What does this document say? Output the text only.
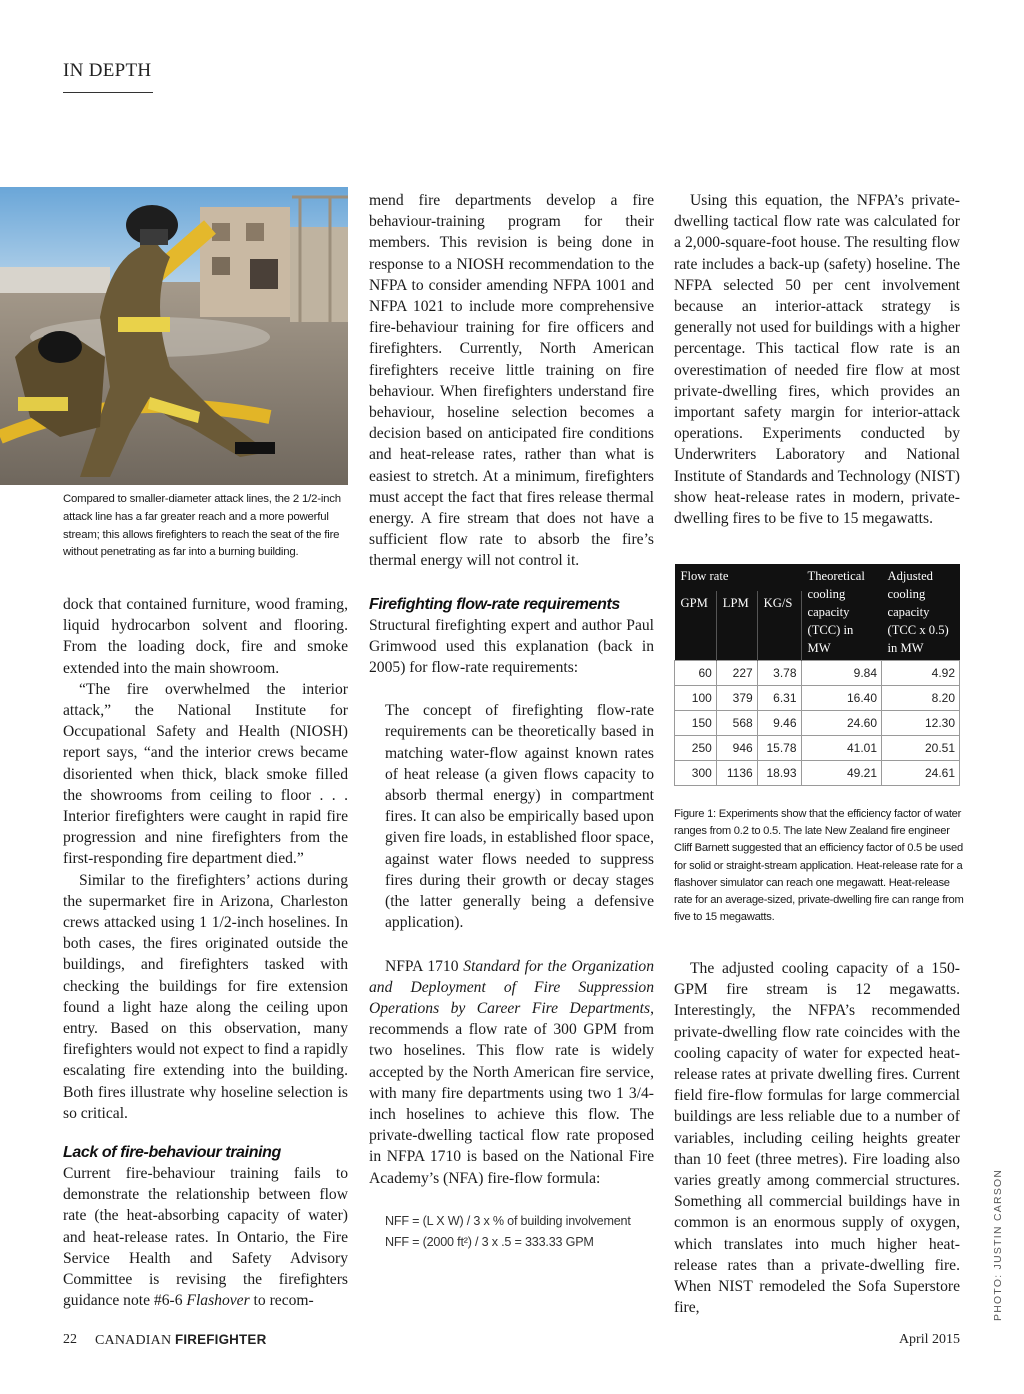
IN DEPTH
Compared to smaller-diameter attack lines, the 2 1/2-inch attack line has a far greater reach and a more powerful stream; this allows firefighters to reach the seat of the fire without penetrating as far into a burning building.

dock that contained furniture, wood framing, liquid hydrocarbon solvent and flooring. From the loading dock, fire and smoke extended into the main showroom.

“The fire overwhelmed the interior attack,” the National Institute for Occupational Safety and Health (NIOSH) report says, “and the interior crews became disoriented when thick, black smoke filled the showrooms from ceiling to floor . . . Interior firefighters were caught in rapid fire progression and nine firefighters from the first-responding fire department died.”

Similar to the firefighters’ actions during the supermarket fire in Arizona, Charleston crews attacked using 1 1/2-inch hoselines. In both cases, the fires originated outside the buildings, and firefighters tasked with checking the buildings for fire extension found a light haze along the ceiling upon entry. Based on this observation, many firefighters would not expect to find a rapidly escalating fire extending into the building. Both fires illustrate why hoseline selection is so critical.

Lack of fire-behaviour training

Current fire-behaviour training fails to demonstrate the relationship between flow rate (the heat-absorbing capacity of water) and heat-release rates. In Ontario, the Fire Service Health and Safety Advisory Committee is revising the firefighters guidance note #6-6 Flashover to recom-

mend fire departments develop a fire behaviour-training program for their members. This revision is being done in response to a NIOSH recommendation to the NFPA to consider amending NFPA 1001 and NFPA 1021 to include more comprehensive fire-behaviour training for fire officers and firefighters. Currently, North American firefighters receive little training on fire behaviour. When firefighters understand fire behaviour, hoseline selection becomes a decision based on anticipated fire conditions and heat-release rates, rather than what is easiest to stretch. At a minimum, firefighters must accept the fact that fires release thermal energy. A fire stream that does not have a sufficient flow rate to absorb the fire’s thermal energy will not control it.

Firefighting flow-rate requirements

Structural firefighting expert and author Paul Grimwood used this explanation (back in 2005) for flow-rate requirements:

The concept of firefighting flow-rate requirements can be theoretically based in matching water-flow against known rates of heat release (a given flows capacity to absorb thermal energy) in compartment fires. It can also be empirically based upon given fire loads, in established floor space, against water flows needed to suppress fires during their growth or decay stages (the latter generally being a defensive application).

NFPA 1710 Standard for the Organization and Deployment of Fire Suppression Operations by Career Fire Departments, recommends a flow rate of 300 GPM from two hoselines. This flow rate is widely accepted by the North American fire service, with many fire departments using two 1 3/4-inch hoselines to achieve this flow. The private-dwelling tactical flow rate proposed in NFPA 1710 is based on the National Fire Academy’s (NFA) fire-flow formula:

NFF = (L X W) / 3 x % of building involvement
NFF = (2000 ft²) / 3 x .5 = 333.33 GPM

Using this equation, the NFPA’s private-dwelling tactical flow rate was calculated for a 2,000-square-foot house. The resulting flow rate includes a back-up (safety) hoseline. The NFPA selected 50 per cent involvement because an interior-attack strategy is generally not used for buildings with a higher percentage. This tactical flow rate is an overestimation of needed fire flow at most private-dwelling fires, which provides an important safety margin for interior-attack operations. Experiments conducted by Underwriters Laboratory and National Institute of Standards and Technology (NIST) show heat-release rates in modern, private-dwelling fires to be five to 15 megawatts.

Flow rate			Theoretical cooling capacity (TCC) in MW	Adjusted cooling capacity (TCC x 0.5) in MW
GPM	LPM	KG/S		
60	227	3.78	9.84	4.92
100	379	6.31	16.40	8.20
150	568	9.46	24.60	12.30
250	946	15.78	41.01	20.51
300	1136	18.93	49.21	24.61
Figure 1: Experiments show that the efficiency factor of water ranges from 0.2 to 0.5. The late New Zealand fire engineer Cliff Barnett suggested that an efficiency factor of 0.5 be used for solid or straight-stream application. Heat-release rate for a flashover simulator can reach one megawatt. Heat-release rate for an average-sized, private-dwelling fire can range from five to 15 megawatts.

The adjusted cooling capacity of a 150-GPM fire stream is 12 megawatts. Interestingly, the NFPA’s recommended private-dwelling flow rate coincides with the cooling capacity of water for expected heat-release rates at private dwelling fires. Current field fire-flow formulas for large commercial buildings are less reliable due to a number of variables, including ceiling heights greater than 10 feet (three metres). Fire loading also varies greatly among commercial structures. Something all commercial buildings have in common is an enormous supply of oxygen, which translates into much higher heat-release rates than a private-dwelling fire. When NIST remodeled the Sofa Superstore fire,	PHOTO: JUSTIN CARSON
22 CANADIAN FIREFIGHTER	April 2015
